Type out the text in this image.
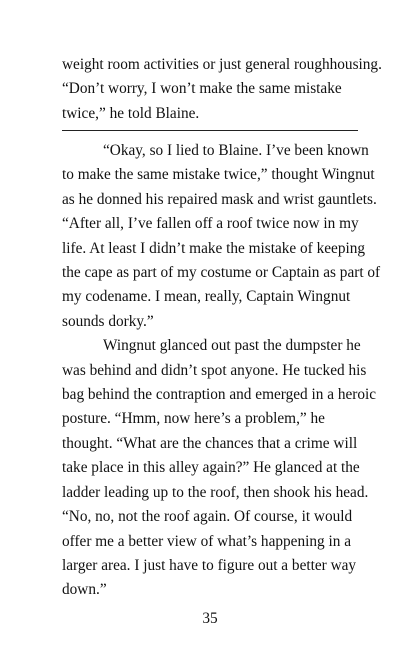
weight room activities or just general roughhousing.
“Don’t worry, I won’t make the same mistake
twice,” he told Blaine.

“Okay, so I lied to Blaine. I’ve been known
to make the same mistake twice,” thought Wingnut
as he donned his repaired mask and wrist gauntlets.
“After all, I’ve fallen off a roof twice now in my
life. At least I didn’t make the mistake of keeping
the cape as part of my costume or Captain as part of
my codename. I mean, really, Captain Wingnut
sounds dorky.”

Wingnut glanced out past the dumpster he
was behind and didn’t spot anyone. He tucked his
bag behind the contraption and emerged in a heroic
posture. “Hmm, now here’s a problem,” he
thought. “What are the chances that a crime will
take place in this alley again?” He glanced at the
ladder leading up to the roof, then shook his head.
“No, no, not the roof again. Of course, it would
offer me a better view of what’s happening in a
larger area. I just have to figure out a better way
down.”

35
